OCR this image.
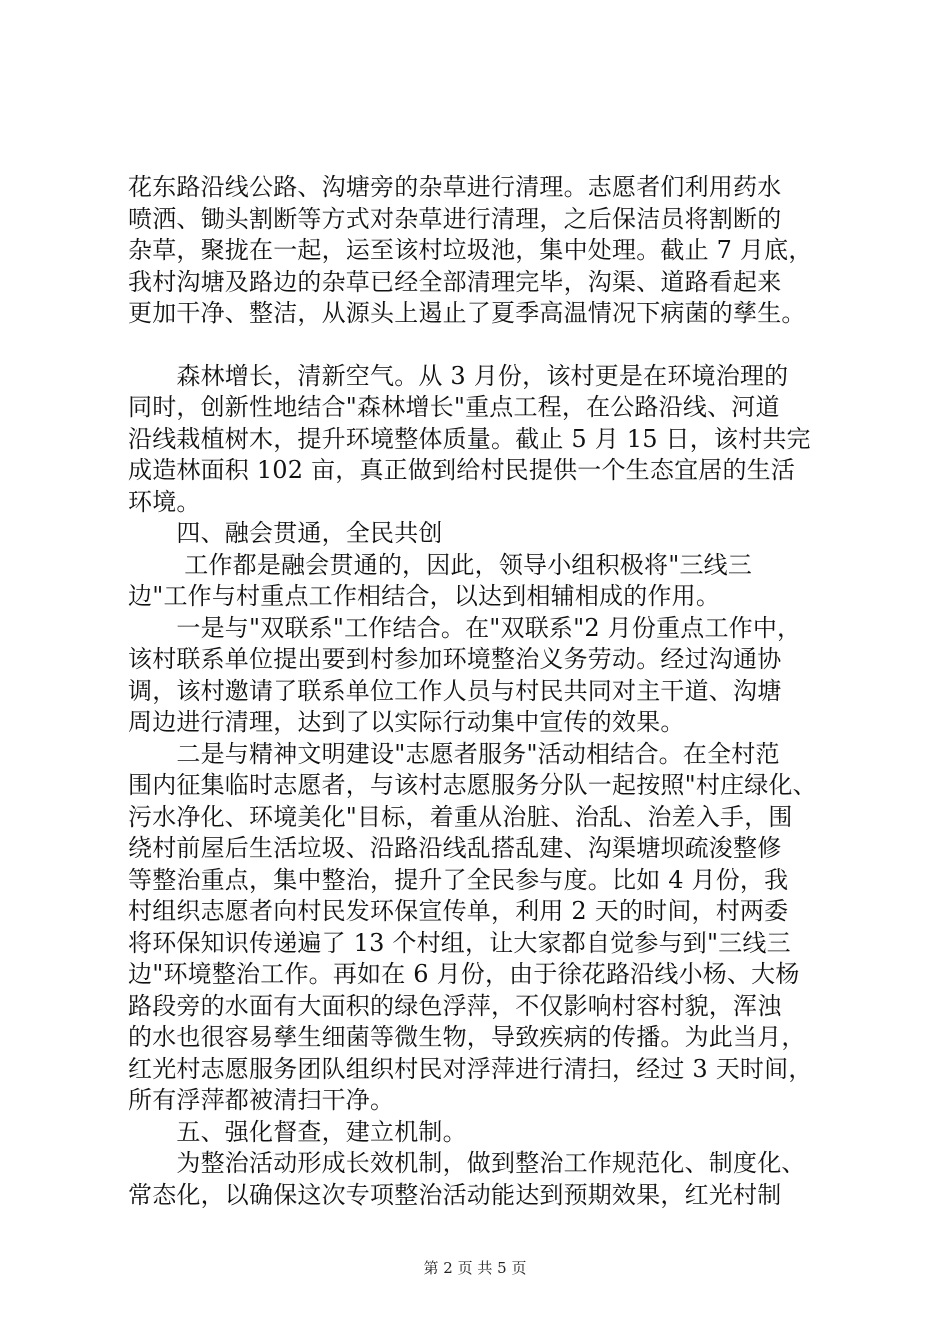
花东路沿线公路、沟塘旁的杂草进行清理。志愿者们利用药水
喷洒、锄头割断等方式对杂草进行清理，之后保洁员将割断的
杂草，聚拢在一起，运至该村垃圾池，集中处理。截止 7 月底，
我村沟塘及路边的杂草已经全部清理完毕，沟渠、道路看起来
更加干净、整洁，从源头上遏止了夏季高温情况下病菌的孳生。
　　森林增长，清新空气。从 3 月份，该村更是在环境治理的
同时，创新性地结合"森林增长"重点工程，在公路沿线、河道
沿线栽植树木，提升环境整体质量。截止 5 月 15 日，该村共完
成造林面积 102 亩，真正做到给村民提供一个生态宜居的生活
环境。
　　四、融会贯通，全民共创
　　 工作都是融会贯通的，因此，领导小组积极将"三线三
边"工作与村重点工作相结合，以达到相辅相成的作用。
　　一是与"双联系"工作结合。在"双联系"2 月份重点工作中，
该村联系单位提出要到村参加环境整治义务劳动。经过沟通协
调，该村邀请了联系单位工作人员与村民共同对主干道、沟塘
周边进行清理，达到了以实际行动集中宣传的效果。
　　二是与精神文明建设"志愿者服务"活动相结合。在全村范
围内征集临时志愿者，与该村志愿服务分队一起按照"村庄绿化、
污水净化、环境美化"目标，着重从治脏、治乱、治差入手，围
绕村前屋后生活垃圾、沿路沿线乱搭乱建、沟渠塘坝疏浚整修
等整治重点，集中整治，提升了全民参与度。比如 4 月份，我
村组织志愿者向村民发环保宣传单，利用 2 天的时间，村两委
将环保知识传递遍了 13 个村组，让大家都自觉参与到"三线三
边"环境整治工作。再如在 6 月份，由于徐花路沿线小杨、大杨
路段旁的水面有大面积的绿色浮萍，不仅影响村容村貌，浑浊
的水也很容易孳生细菌等微生物，导致疾病的传播。为此当月，
红光村志愿服务团队组织村民对浮萍进行清扫，经过 3 天时间，
所有浮萍都被清扫干净。
　　五、强化督查，建立机制。
　　为整治活动形成长效机制，做到整治工作规范化、制度化、
常态化，以确保这次专项整治活动能达到预期效果，红光村制
第 2 页 共 5 页
